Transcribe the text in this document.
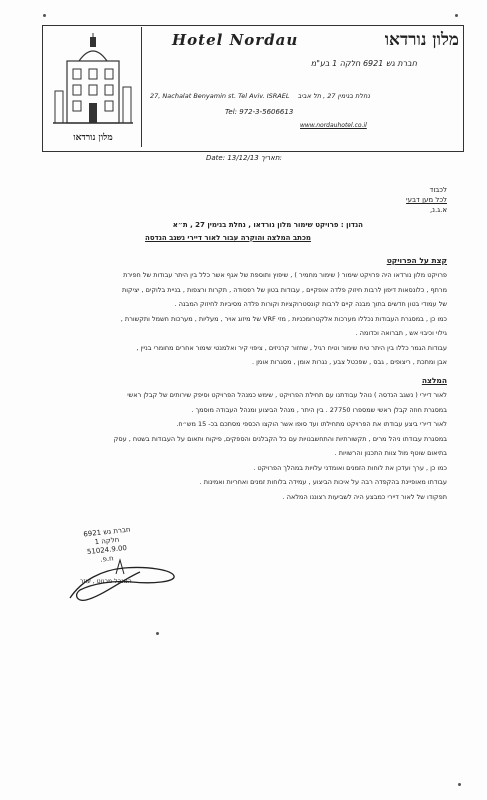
מלון נורדאו
מלון נורדאו
Hotel Nordau
חברת גש 6921 חלקה 1 בע"מ
27, Nachalat Benyamin st. Tel Aviv. ISRAEL נחלת בנימין 27 , תל אביב
Tel: 972-3-5606613
www.nordauhotel.co.il
Date: 13/12/13 תאריך:
לכבוד
לכל מען דבעי
א.ג.נ,
הנדון : פרויקט שימור מלון נורדאו , נחלת בנימין 27 , ת״א
מכתב המלצה והוקרה עבור לאור דיירי נשגב הנדסה
קצת על הפרויקט

פרויקט מלון נורדאו היה פרויקט שימור ( שימור מחמיר ) , שיפוץ ותוספת של אגף אשר כלל בין היתר עבודות של חפירת

מרתף , כלונסאות דיפון לרבות חיזוק פלדה אופקיים , עבודות בטון של רפסודה , תקרות ורצפות , בניית בלוקים , יציקות

של עמודי בטון חדשים בתוך מבנה קיים לרבות קונסטרוקציות וקורות פלדה מסיביות לחיזוק המבנה .

כמו כן , במסגרת העבודות נכללו מערכות אלקטרומכניות , מזי VRF של מיזוג אויר , מעליות , מערכות חשמל ותקשורת ,

גילוי וכיבוי אש , תברואה וכדומה .

עבודות הגמר כללו בין היתר טיח שימור וטיח רגיל , שחזור קרניזים , ציפוי קיר ואלמנטי שימור אחרים מחומרי בניין ,

אבן ומתכת , ריצופים , גבס , שפכטל צבע , נגרות אומן , מסגרות אומן .

המלצה

לאור דיירי ( נשגב הנדסה ) נוהל עבודתנו עם תחילת הפרויקט , שימש כמנהל הפרויקט וסיפק שירותים של קבלן ראשי

במסגרת חוזה קבלן ראשי שמספרו 27750 . בין היתר , מנהל הביצוע ומנהל העבודה מוסמך .

לאור דיירי ביצע עבודתו את הפרויקט מתחילתו ועד סופו אשר הוקצו הכספי מסתכם בכ- 15 מש״ח.

במסגרת עבודתו ניהל מרים , תקשורתיות והתחשבנויות עם כל הקבלנים והספקים, פיקוח ותאום על העבודות בשטח , עסק

בתיאום שוטף מול צוות התכנון והרשויות .

כמו כן , ערך ועדכן את לוחות הזמנים ואומדני עלויות במהלך הפרויקט .

עבודתו מאופיינת בהקפדה רבה על איכות הביצוע , עמידה בלוחות זמנים ואחריות ואמינות .

תפקודו של לאור דיירי כמבצע היה לשביעות רצוננו המלאה .

חברת גש 6921
חלקה 1
51024.9.00
ח.פ.
המנהל מרגוט , עוזר
